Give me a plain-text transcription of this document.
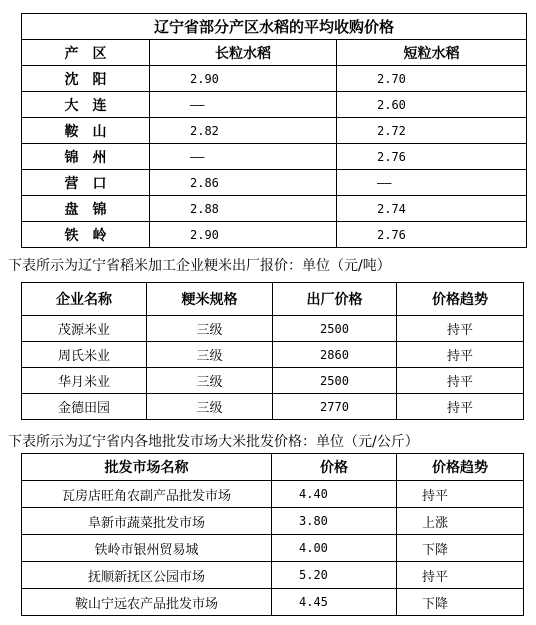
辽宁省部分产区水稻的平均收购价格		
产　区	长粒水稻	短粒水稻
沈　阳	2.90	2.70
大　连	——	2.60
鞍　山	2.82	2.72
锦　州	——	2.76
营　口	2.86	——
盘　锦	2.88	2.74
铁　岭	2.90	2.76
下表所示为辽宁省稻米加工企业粳米出厂报价：单位（元/吨）
企业名称	粳米规格	出厂价格	价格趋势
茂源米业	三级	2500	持平
周氏米业	三级	2860	持平
华月米业	三级	2500	持平
金德田园	三级	2770	持平
下表所示为辽宁省内各地批发市场大米批发价格：单位（元/公斤）
批发市场名称	价格	价格趋势
瓦房店旺角农副产品批发市场	4.40	持平
阜新市蔬菜批发市场	3.80	上涨
铁岭市银州贸易城	4.00	下降
抚顺新抚区公园市场	5.20	持平
鞍山宁远农产品批发市场	4.45	下降
